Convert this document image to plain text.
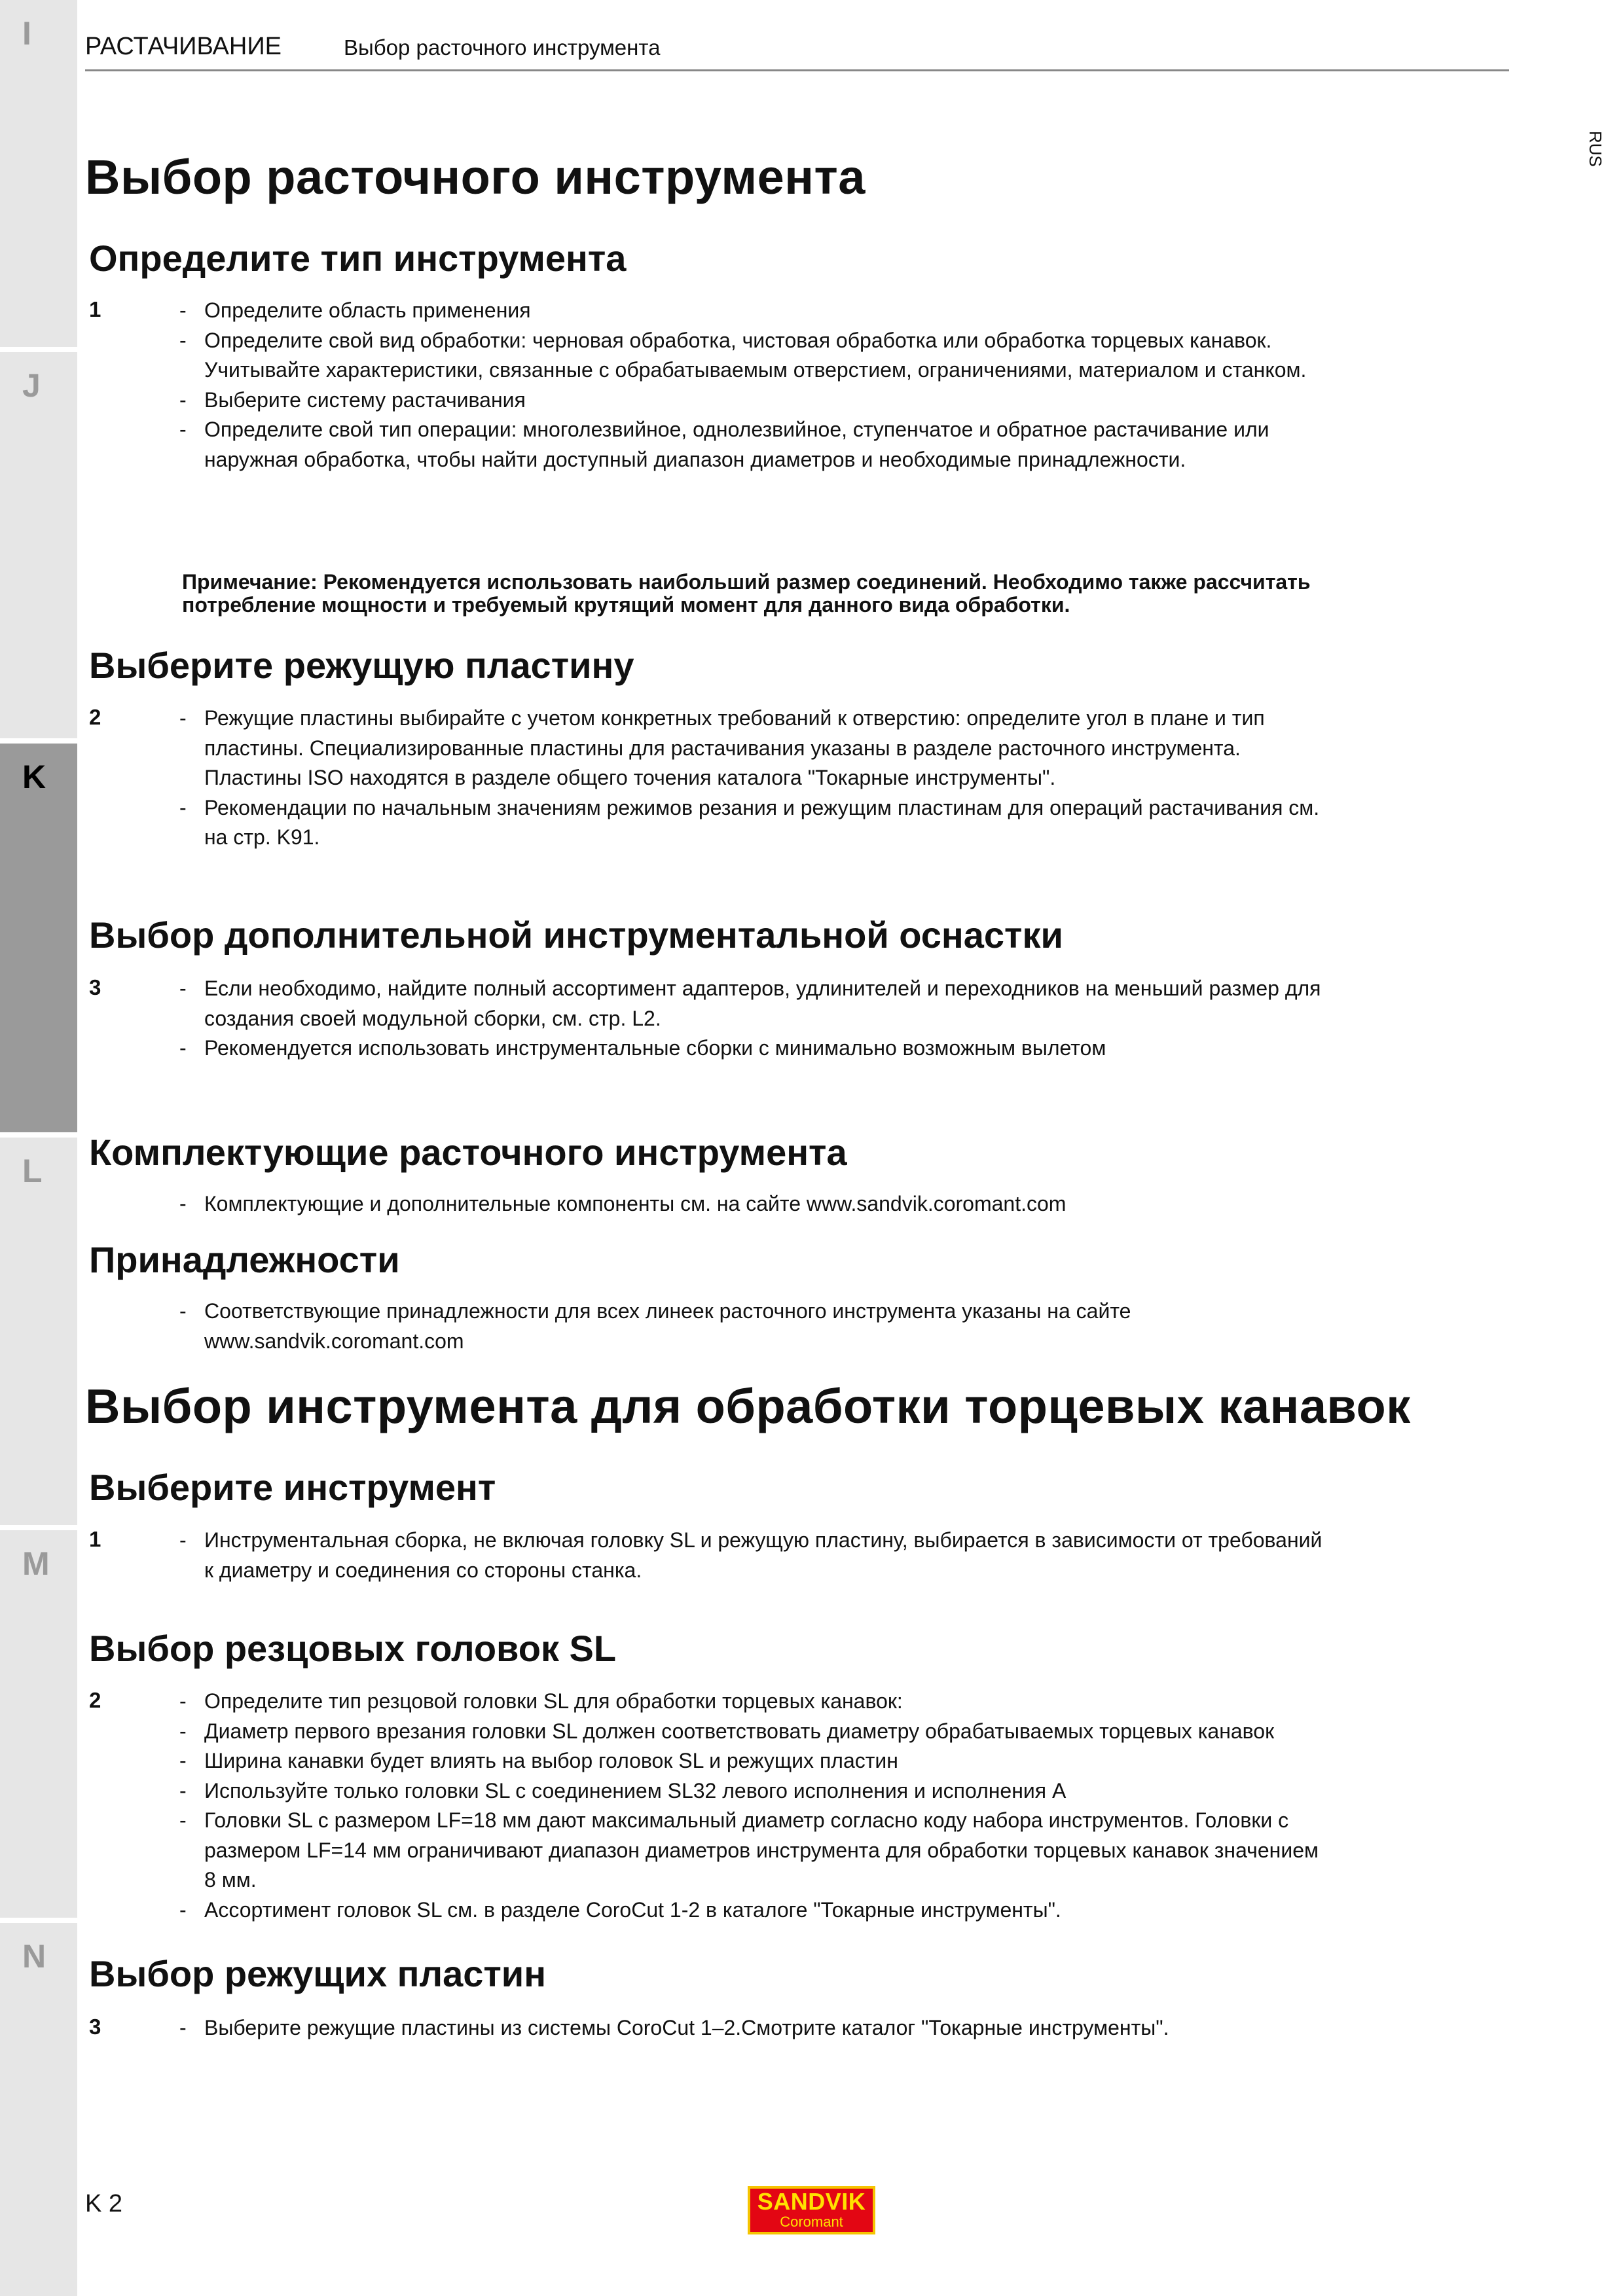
I
J
K
L
M
N
РАСТАЧИВАНИЕ	Выбор расточного инструмента
RUS
Выбор расточного инструмента
Определите тип инструмента
1	- Определите область применения
- Определите свой вид обработки: черновая обработка, чистовая обработка или обработка торцевых канавок. Учитывайте характеристики, связанные с обрабатываемым отверстием, ограничениями, материалом и станком.
- Выберите систему растачивания
- Определите свой тип операции: многолезвийное, однолезвийное, ступенчатое и обратное растачивание или наружная обработка, чтобы найти доступный диапазон диаметров и необходимые принадлежности.
Примечание: Рекомендуется использовать наибольший размер соединений. Необходимо также рассчитать потребление мощности и требуемый крутящий момент для данного вида обработки.
Выберите режущую пластину
2	- Режущие пластины выбирайте с учетом конкретных требований к отверстию: определите угол в плане и тип пластины. Специализированные пластины для растачивания указаны в разделе расточного инструмента. Пластины ISO находятся в разделе общего точения каталога "Токарные инструменты".
- Рекомендации по начальным значениям режимов резания и режущим пластинам для операций растачивания см. на стр. K91.
Выбор дополнительной инструментальной оснастки
3	- Если необходимо, найдите полный ассортимент адаптеров, удлинителей и переходников на меньший размер для создания своей модульной сборки, см. стр. L2.
- Рекомендуется использовать инструментальные сборки с минимально возможным вылетом
Комплектующие расточного инструмента
- Комплектующие и дополнительные компоненты см. на сайте www.sandvik.coromant.com
Принадлежности
- Соответствующие принадлежности для всех линеек расточного инструмента указаны на сайте www.sandvik.coromant.com
Выбор инструмента для обработки торцевых канавок
Выберите инструмент
1	- Инструментальная сборка, не включая головку SL и режущую пластину, выбирается в зависимости от требований к диаметру и соединения со стороны станка.
Выбор резцовых головок SL
2	- Определите тип резцовой головки SL для обработки торцевых канавок:
- Диаметр первого врезания головки SL должен соответствовать диаметру обрабатываемых торцевых канавок
- Ширина канавки будет влиять на выбор головок SL и режущих пластин
- Используйте только головки SL с соединением SL32 левого исполнения и исполнения А
- Головки SL с размером LF=18 мм дают максимальный диаметр согласно коду набора инструментов. Головки с размером LF=14 мм ограничивают диапазон диаметров инструмента для обработки торцевых канавок значением 8 мм.
- Ассортимент головок SL см. в разделе CoroCut 1-2 в каталоге "Токарные инструменты".
Выбор режущих пластин
3	- Выберите режущие пластины из системы CoroCut 1–2.Смотрите каталог "Токарные инструменты".
K 2	SANDVIK
Coromant
